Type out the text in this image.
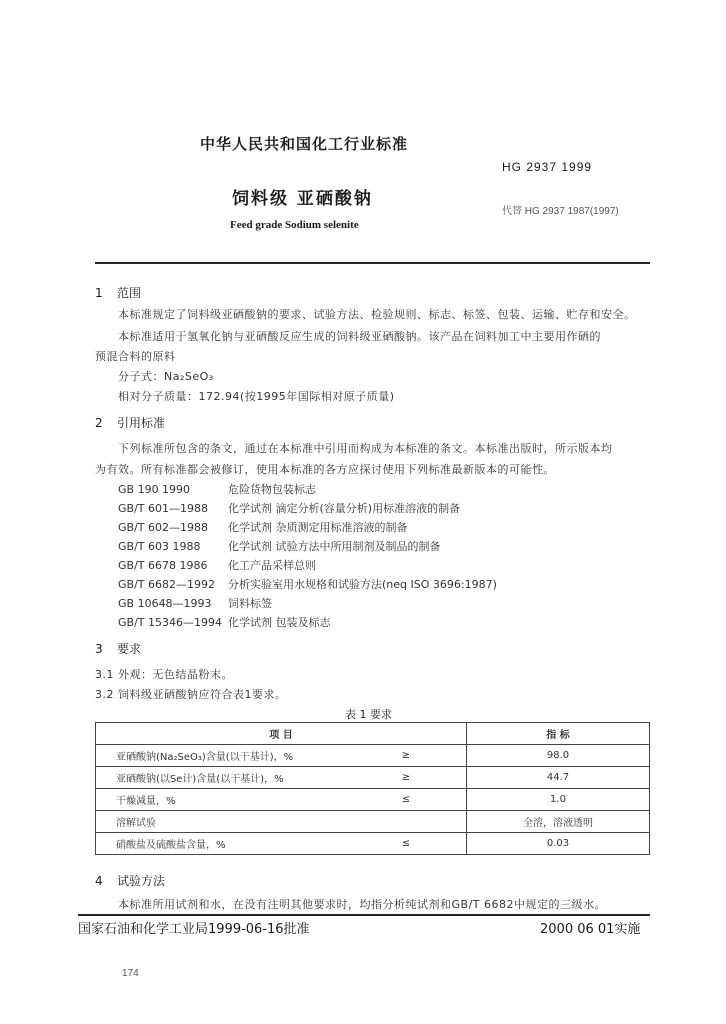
中华人民共和国化工行业标准
HG 2937 1999
饲料级 亚硒酸钠
代替 HG 2937 1987(1997)
Feed grade Sodium selenite
1 范围
本标准规定了饲料级亚硒酸钠的要求、试验方法、检验规则、标志、标签、包装、运输、贮存和安全。
本标准适用于氢氧化钠与亚硒酸反应生成的饲料级亚硒酸钠。该产品在饲料加工中主要用作硒的
预混合料的原料
分子式：Na₂SeO₃
相对分子质量：172.94(按1995年国际相对原子质量)
2 引用标准
下列标准所包含的条文，通过在本标准中引用而构成为本标准的条文。本标准出版时，所示版本均
为有效。所有标准都会被修订，使用本标准的各方应探讨使用下列标准最新版本的可能性。
GB 190 1990	危险货物包装标志
GB/T 601—1988 化学试剂 滴定分析(容量分析)用标准溶液的制备
GB/T 602—1988 化学试剂 杂质测定用标准溶液的制备
GB/T 603 1988	化学试剂 试验方法中所用制剂及制品的制备
GB/T 6678 1986 化工产品采样总则
GB/T 6682—1992 分析实验室用水规格和试验方法(neq ISO 3696:1987)
GB 10648—1993 饲料标签
GB/T 15346—1994 化学试剂 包装及标志
3 要求
3.1 外观：无色结晶粉末。
3.2 饲料级亚硒酸钠应符合表1要求。
表 1 要求
项 目		指 标
亚硒酸钠(Na₂SeO₃)含量(以干基计)，%	≥	98.0
亚硒酸钠(以Se计)含量(以干基计)，%	≥	44.7
干燥减量，%	≤	1.0
溶解试验		全溶，溶液透明
硝酸盐及硫酸盐含量，%	≤	0.03
4 试验方法
本标准所用试剂和水，在没有注明其他要求时，均指分析纯试剂和GB/T 6682中规定的三级水。
国家石油和化学工业局1999-06-16批准	2000 06 01实施
174
